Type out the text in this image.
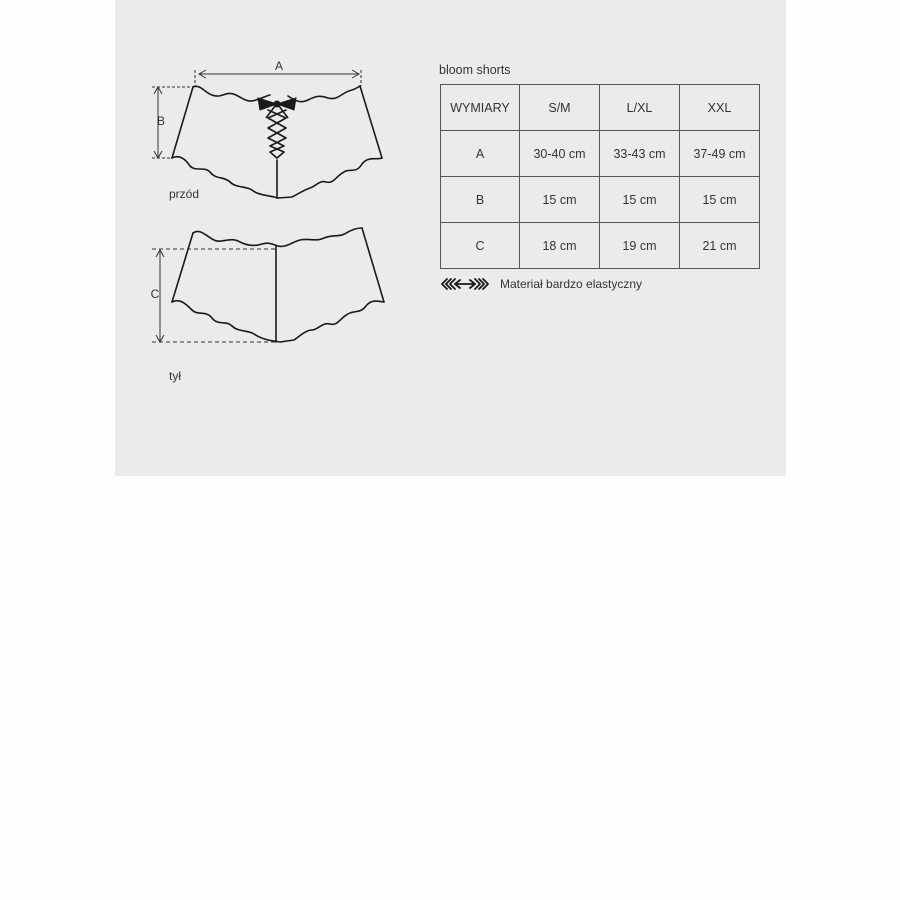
A
B
C
przód
tył
bloom shorts
WYMIARY	S/M	L/XL	XXL
A	30-40 cm	33-43 cm	37-49 cm
B	15 cm	15 cm	15 cm
C	18 cm	19 cm	21 cm
Materiał bardzo elastyczny
